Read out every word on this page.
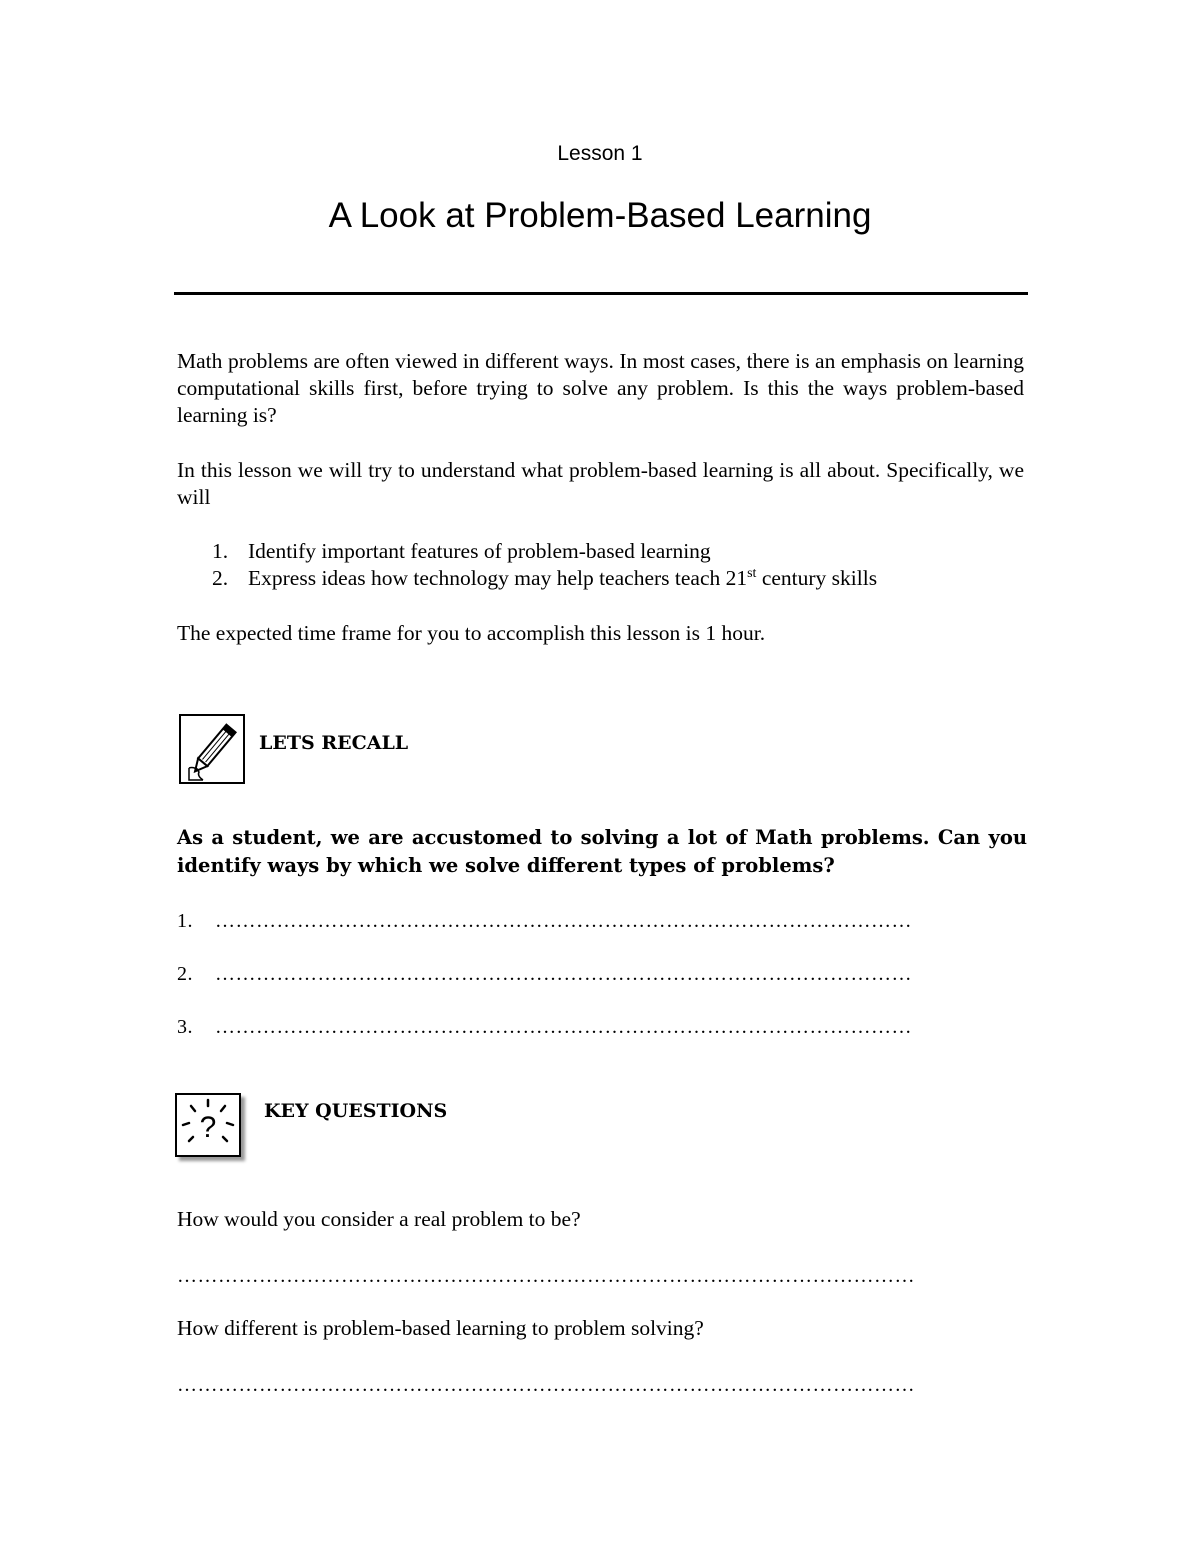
Lesson 1
A Look at Problem-Based Learning

Math problems are often viewed in different ways. In most cases, there is an emphasis on learning computational skills first, before trying to solve any problem. Is this the ways problem-based learning is?

In this lesson we will try to understand what problem-based learning is all about. Specifically, we will

1. Identify important features of problem-based learning
2. Express ideas how technology may help teachers teach 21st century skills

The expected time frame for you to accomplish this lesson is 1 hour.

LETS RECALL

As a student, we are accustomed to solving a lot of Math problems. Can you identify ways by which we solve different types of problems?

1. …………………………………………………………………………………………
2. …………………………………………………………………………………………
3. …………………………………………………………………………………………
?	KEY QUESTIONS
How would you consider a real problem to be?
………………………………………………………………………………………………
How different is problem-based learning to problem solving?
………………………………………………………………………………………………
